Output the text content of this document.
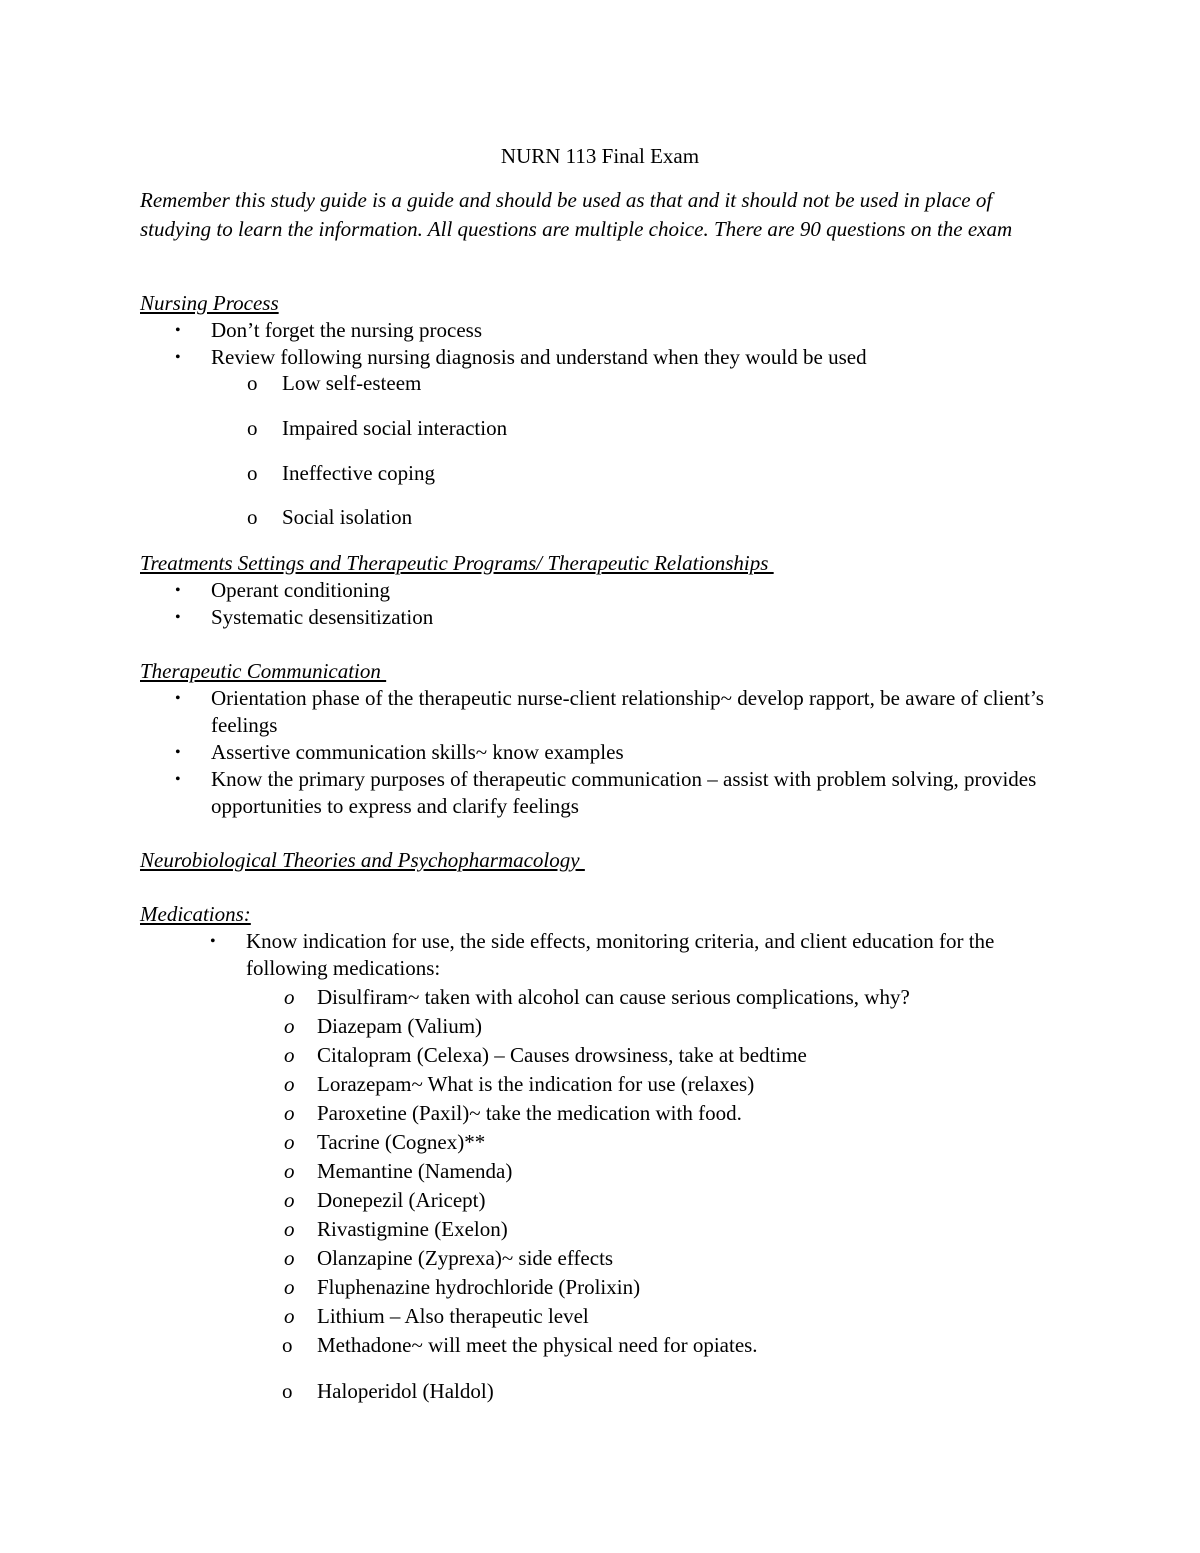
NURN 113 Final Exam
Remember this study guide is a guide and should be used as that and it should not be used in place of studying to learn the information. All questions are multiple choice. There are 90 questions on the exam
Nursing Process
• Don’t forget the nursing process
• Review following nursing diagnosis and understand when they would be used
o Low self-esteem
o Impaired social interaction
o Ineffective coping
o Social isolation
Treatments Settings and Therapeutic Programs/ Therapeutic Relationships
• Operant conditioning
• Systematic desensitization
Therapeutic Communication
• Orientation phase of the therapeutic nurse-client relationship~ develop rapport, be aware of client’s feelings
• Assertive communication skills~ know examples
• Know the primary purposes of therapeutic communication – assist with problem solving, provides opportunities to express and clarify feelings
Neurobiological Theories and Psychopharmacology
Medications:
• Know indication for use, the side effects, monitoring criteria, and client education for the following medications:
o Disulfiram~ taken with alcohol can cause serious complications, why?
o Diazepam (Valium)
o Citalopram (Celexa) – Causes drowsiness, take at bedtime
o Lorazepam~ What is the indication for use (relaxes)
o Paroxetine (Paxil)~ take the medication with food.
o Tacrine (Cognex)**
o Memantine (Namenda)
o Donepezil (Aricept)
o Rivastigmine (Exelon)
o Olanzapine (Zyprexa)~ side effects
o Fluphenazine hydrochloride (Prolixin)
o Lithium – Also therapeutic level
o Methadone~ will meet the physical need for opiates.
o Haloperidol (Haldol)
